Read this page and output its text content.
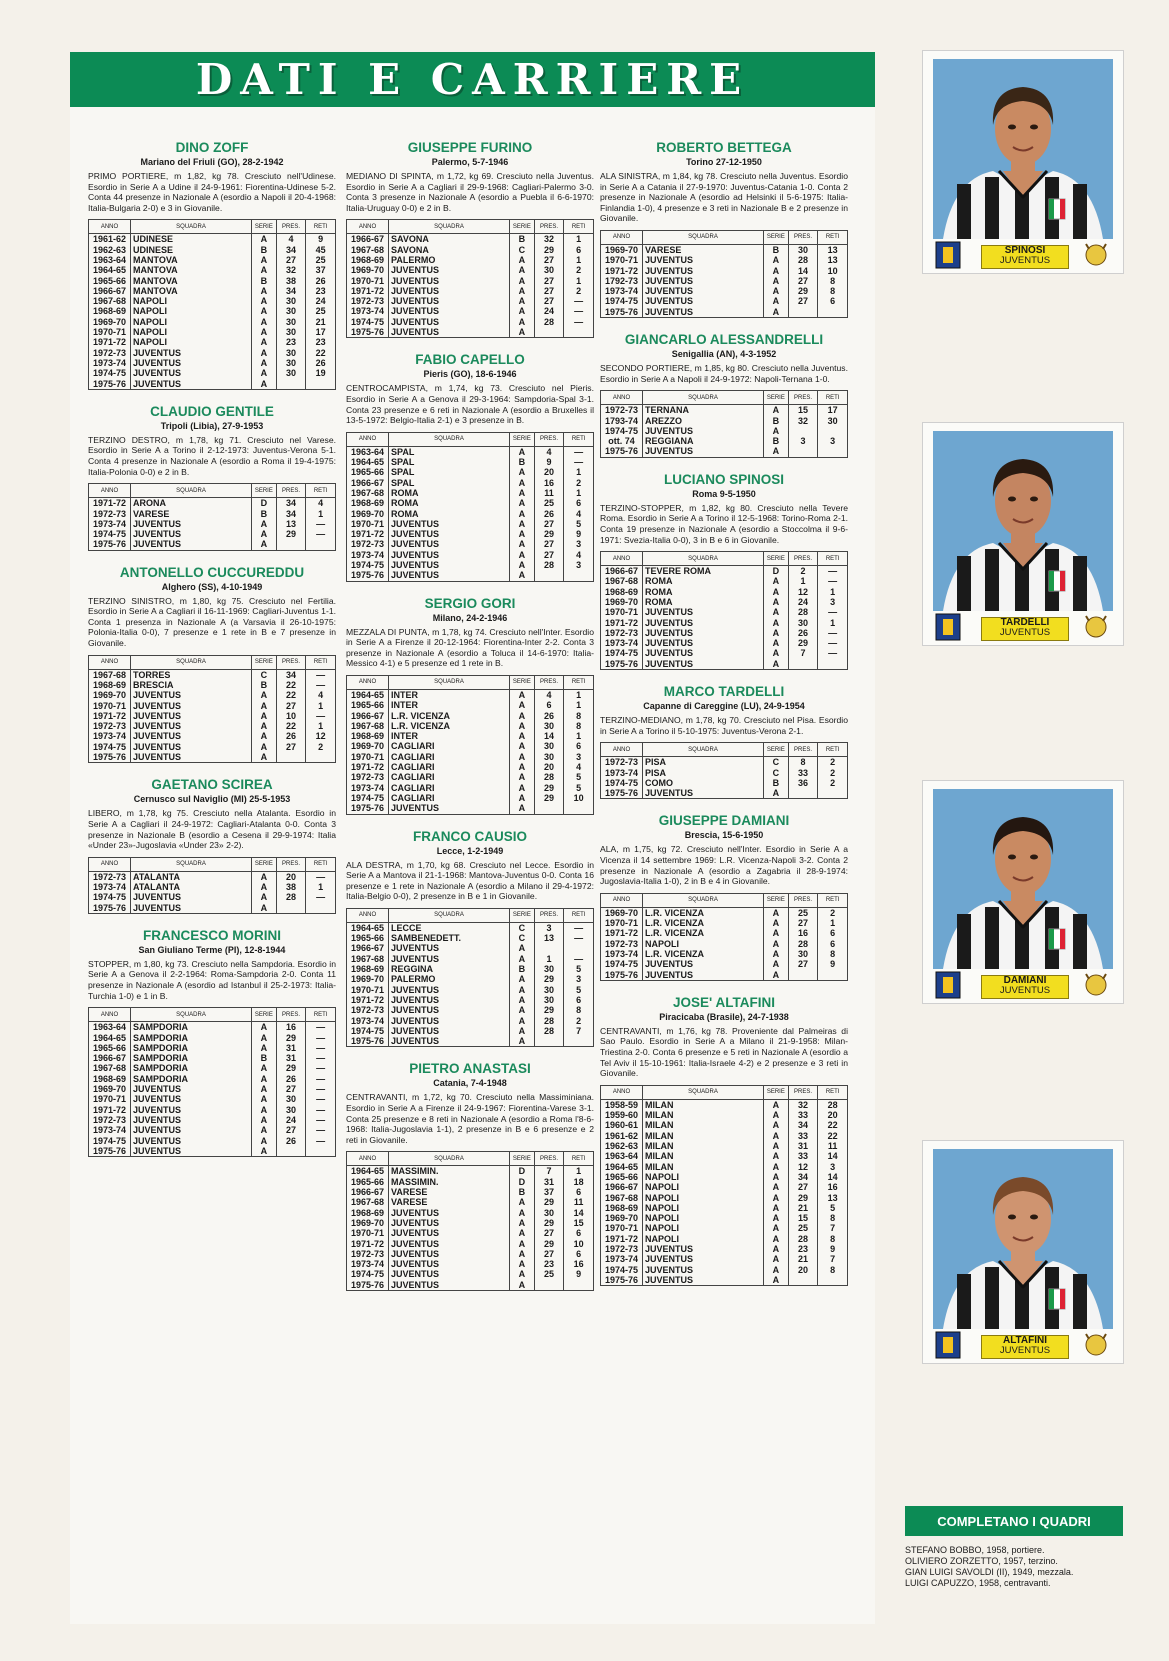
DATI E CARRIERE
DINO ZOFF
Mariano del Friuli (GO), 28-2-1942
PRIMO PORTIERE, m 1,82, kg 78. Cresciuto nell'Udinese. Esordio in Serie A a Udine il 24-9-1961: Fiorentina-Udinese 5-2. Conta 44 presenze in Nazionale A (esordio a Napoli il 20-4-1968: Italia-Bulgaria 2-0) e 3 in Giovanile.
ANNO	SQUADRA	SERIE	PRES.	RETI
1961-62	UDINESE	A	4	9
1962-63	UDINESE	B	34	45
1963-64	MANTOVA	A	27	25
1964-65	MANTOVA	A	32	37
1965-66	MANTOVA	B	38	26
1966-67	MANTOVA	A	34	23
1967-68	NAPOLI	A	30	24
1968-69	NAPOLI	A	30	25
1969-70	NAPOLI	A	30	21
1970-71	NAPOLI	A	30	17
1971-72	NAPOLI	A	23	23
1972-73	JUVENTUS	A	30	22
1973-74	JUVENTUS	A	30	26
1974-75	JUVENTUS	A	30	19
1975-76	JUVENTUS	A		
CLAUDIO GENTILE
Tripoli (Libia), 27-9-1953
TERZINO DESTRO, m 1,78, kg 71. Cresciuto nel Varese. Esordio in Serie A a Torino il 2-12-1973: Juventus-Verona 5-1. Conta 4 presenze in Nazionale A (esordio a Roma il 19-4-1975: Italia-Polonia 0-0) e 2 in B.
ANNO	SQUADRA	SERIE	PRES.	RETI
1971-72	ARONA	D	34	4
1972-73	VARESE	B	34	1
1973-74	JUVENTUS	A	13	—
1974-75	JUVENTUS	A	29	—
1975-76	JUVENTUS	A		
ANTONELLO CUCCUREDDU
Alghero (SS), 4-10-1949
TERZINO SINISTRO, m 1,80, kg 75. Cresciuto nel Fertilia. Esordio in Serie A a Cagliari il 16-11-1969: Cagliari-Juventus 1-1. Conta 1 presenza in Nazionale A (a Varsavia il 26-10-1975: Polonia-Italia 0-0), 7 presenze e 1 rete in B e 7 presenze in Giovanile.
ANNO	SQUADRA	SERIE	PRES.	RETI
1967-68	TORRES	C	34	—
1968-69	BRESCIA	B	22	—
1969-70	JUVENTUS	A	22	4
1970-71	JUVENTUS	A	27	1
1971-72	JUVENTUS	A	10	—
1972-73	JUVENTUS	A	22	1
1973-74	JUVENTUS	A	26	12
1974-75	JUVENTUS	A	27	2
1975-76	JUVENTUS	A		
GAETANO SCIREA
Cernusco sul Naviglio (MI) 25-5-1953
LIBERO, m 1,78, kg 75. Cresciuto nella Atalanta. Esordio in Serie A a Cagliari il 24-9-1972: Cagliari-Atalanta 0-0. Conta 3 presenze in Nazionale B (esordio a Cesena il 29-9-1974: Italia «Under 23»-Jugoslavia «Under 23» 2-2).
ANNO	SQUADRA	SERIE	PRES.	RETI
1972-73	ATALANTA	A	20	—
1973-74	ATALANTA	A	38	1
1974-75	JUVENTUS	A	28	—
1975-76	JUVENTUS	A		
FRANCESCO MORINI
San Giuliano Terme (PI), 12-8-1944
STOPPER, m 1,80, kg 73. Cresciuto nella Sampdoria. Esordio in Serie A a Genova il 2-2-1964: Roma-Sampdoria 2-0. Conta 11 presenze in Nazionale A (esordio ad Istanbul il 25-2-1973: Italia-Turchia 1-0) e 1 in B.
ANNO	SQUADRA	SERIE	PRES.	RETI
1963-64	SAMPDORIA	A	16	—
1964-65	SAMPDORIA	A	29	—
1965-66	SAMPDORIA	A	31	—
1966-67	SAMPDORIA	B	31	—
1967-68	SAMPDORIA	A	29	—
1968-69	SAMPDORIA	A	26	—
1969-70	JUVENTUS	A	27	—
1970-71	JUVENTUS	A	30	—
1971-72	JUVENTUS	A	30	—
1972-73	JUVENTUS	A	24	—
1973-74	JUVENTUS	A	27	—
1974-75	JUVENTUS	A	26	—
1975-76	JUVENTUS	A		
GIUSEPPE FURINO
Palermo, 5-7-1946
MEDIANO DI SPINTA, m 1,72, kg 69. Cresciuto nella Juventus. Esordio in Serie A a Cagliari il 29-9-1968: Cagliari-Palermo 3-0. Conta 3 presenze in Nazionale A (esordio a Puebla il 6-6-1970: Italia-Uruguay 0-0) e 2 in B.
ANNO	SQUADRA	SERIE	PRES.	RETI
1966-67	SAVONA	B	32	1
1967-68	SAVONA	C	29	6
1968-69	PALERMO	A	27	1
1969-70	JUVENTUS	A	30	2
1970-71	JUVENTUS	A	27	1
1971-72	JUVENTUS	A	27	2
1972-73	JUVENTUS	A	27	—
1973-74	JUVENTUS	A	24	—
1974-75	JUVENTUS	A	28	—
1975-76	JUVENTUS	A		
FABIO CAPELLO
Pieris (GO), 18-6-1946
CENTROCAMPISTA, m 1,74, kg 73. Cresciuto nel Pieris. Esordio in Serie A a Genova il 29-3-1964: Sampdoria-Spal 3-1. Conta 23 presenze e 6 reti in Nazionale A (esordio a Bruxelles il 13-5-1972: Belgio-Italia 2-1) e 3 presenze in B.
ANNO	SQUADRA	SERIE	PRES.	RETI
1963-64	SPAL	A	4	—
1964-65	SPAL	B	9	—
1965-66	SPAL	A	20	1
1966-67	SPAL	A	16	2
1967-68	ROMA	A	11	1
1968-69	ROMA	A	25	6
1969-70	ROMA	A	26	4
1970-71	JUVENTUS	A	27	5
1971-72	JUVENTUS	A	29	9
1972-73	JUVENTUS	A	27	3
1973-74	JUVENTUS	A	27	4
1974-75	JUVENTUS	A	28	3
1975-76	JUVENTUS	A		
SERGIO GORI
Milano, 24-2-1946
MEZZALA DI PUNTA, m 1,78, kg 74. Cresciuto nell'Inter. Esordio in Serie A a Firenze il 20-12-1964: Fiorentina-Inter 2-2. Conta 3 presenze in Nazionale A (esordio a Toluca il 14-6-1970: Italia-Messico 4-1) e 5 presenze ed 1 rete in B.
ANNO	SQUADRA	SERIE	PRES.	RETI
1964-65	INTER	A	4	1
1965-66	INTER	A	6	1
1966-67	L.R. VICENZA	A	26	8
1967-68	L.R. VICENZA	A	30	8
1968-69	INTER	A	14	1
1969-70	CAGLIARI	A	30	6
1970-71	CAGLIARI	A	30	3
1971-72	CAGLIARI	A	20	4
1972-73	CAGLIARI	A	28	5
1973-74	CAGLIARI	A	29	5
1974-75	CAGLIARI	A	29	10
1975-76	JUVENTUS	A		
FRANCO CAUSIO
Lecce, 1-2-1949
ALA DESTRA, m 1,70, kg 68. Cresciuto nel Lecce. Esordio in Serie A a Mantova il 21-1-1968: Mantova-Juventus 0-0. Conta 16 presenze e 1 rete in Nazionale A (esordio a Milano il 29-4-1972: Italia-Belgio 0-0), 2 presenze in B e 1 in Giovanile.
ANNO	SQUADRA	SERIE	PRES.	RETI
1964-65	LECCE	C	3	—
1965-66	SAMBENEDETT.	C	13	—
1966-67	JUVENTUS	A		
1967-68	JUVENTUS	A	1	—
1968-69	REGGINA	B	30	5
1969-70	PALERMO	A	29	3
1970-71	JUVENTUS	A	30	5
1971-72	JUVENTUS	A	30	6
1972-73	JUVENTUS	A	29	8
1973-74	JUVENTUS	A	28	2
1974-75	JUVENTUS	A	28	7
1975-76	JUVENTUS	A		
PIETRO ANASTASI
Catania, 7-4-1948
CENTRAVANTI, m 1,72, kg 70. Cresciuto nella Massiminiana. Esordio in Serie A a Firenze il 24-9-1967: Fiorentina-Varese 3-1. Conta 25 presenze e 8 reti in Nazionale A (esordio a Roma l'8-6-1968: Italia-Jugoslavia 1-1), 2 presenze in B e 6 presenze e 2 reti in Giovanile.
ANNO	SQUADRA	SERIE	PRES.	RETI
1964-65	MASSIMIN.	D	7	1
1965-66	MASSIMIN.	D	31	18
1966-67	VARESE	B	37	6
1967-68	VARESE	A	29	11
1968-69	JUVENTUS	A	30	14
1969-70	JUVENTUS	A	29	15
1970-71	JUVENTUS	A	27	6
1971-72	JUVENTUS	A	29	10
1972-73	JUVENTUS	A	27	6
1973-74	JUVENTUS	A	23	16
1974-75	JUVENTUS	A	25	9
1975-76	JUVENTUS	A		
ROBERTO BETTEGA
Torino 27-12-1950
ALA SINISTRA, m 1,84, kg 78. Cresciuto nella Juventus. Esordio in Serie A a Catania il 27-9-1970: Juventus-Catania 1-0. Conta 2 presenze in Nazionale A (esordio ad Helsinki il 5-6-1975: Italia-Finlandia 1-0), 4 presenze e 3 reti in Nazionale B e 2 presenze in Giovanile.
ANNO	SQUADRA	SERIE	PRES.	RETI
1969-70	VARESE	B	30	13
1970-71	JUVENTUS	A	28	13
1971-72	JUVENTUS	A	14	10
1792-73	JUVENTUS	A	27	8
1973-74	JUVENTUS	A	29	8
1974-75	JUVENTUS	A	27	6
1975-76	JUVENTUS	A		
GIANCARLO ALESSANDRELLI
Senigallia (AN), 4-3-1952
SECONDO PORTIERE, m 1,85, kg 80. Cresciuto nella Juventus. Esordio in Serie A a Napoli il 24-9-1972: Napoli-Ternana 1-0.
ANNO	SQUADRA	SERIE	PRES.	RETI
1972-73	TERNANA	A	15	17
1793-74	AREZZO	B	32	30
1974-75	JUVENTUS	A		
ott. 74	REGGIANA	B	3	3
1975-76	JUVENTUS	A		
LUCIANO SPINOSI
Roma 9-5-1950
TERZINO-STOPPER, m 1,82, kg 80. Cresciuto nella Tevere Roma. Esordio in Serie A a Torino il 12-5-1968: Torino-Roma 2-1. Conta 19 presenze in Nazionale A (esordio a Stoccolma il 9-6-1971: Svezia-Italia 0-0), 3 in B e 6 in Giovanile.
ANNO	SQUADRA	SERIE	PRES.	RETI
1966-67	TEVERE ROMA	D	2	—
1967-68	ROMA	A	1	—
1968-69	ROMA	A	12	1
1969-70	ROMA	A	24	3
1970-71	JUVENTUS	A	28	—
1971-72	JUVENTUS	A	30	1
1972-73	JUVENTUS	A	26	—
1973-74	JUVENTUS	A	29	—
1974-75	JUVENTUS	A	7	—
1975-76	JUVENTUS	A		
MARCO TARDELLI
Capanne di Careggine (LU), 24-9-1954
TERZINO-MEDIANO, m 1,78, kg 70. Cresciuto nel Pisa. Esordio in Serie A a Torino il 5-10-1975: Juventus-Verona 2-1.
ANNO	SQUADRA	SERIE	PRES.	RETI
1972-73	PISA	C	8	2
1973-74	PISA	C	33	2
1974-75	COMO	B	36	2
1975-76	JUVENTUS	A		
GIUSEPPE DAMIANI
Brescia, 15-6-1950
ALA, m 1,75, kg 72. Cresciuto nell'Inter. Esordio in Serie A a Vicenza il 14 settembre 1969: L.R. Vicenza-Napoli 3-2. Conta 2 presenze in Nazionale A (esordio a Zagabria il 28-9-1974: Jugoslavia-Italia 1-0), 2 in B e 4 in Giovanile.
ANNO	SQUADRA	SERIE	PRES.	RETI
1969-70	L.R. VICENZA	A	25	2
1970-71	L.R. VICENZA	A	27	1
1971-72	L.R. VICENZA	A	16	6
1972-73	NAPOLI	A	28	6
1973-74	L.R. VICENZA	A	30	8
1974-75	JUVENTUS	A	27	9
1975-76	JUVENTUS	A		
JOSE' ALTAFINI
Piracicaba (Brasile), 24-7-1938
CENTRAVANTI, m 1,76, kg 78. Proveniente dal Palmeiras di Sao Paulo. Esordio in Serie A a Milano il 21-9-1958: Milan-Triestina 2-0. Conta 6 presenze e 5 reti in Nazionale A (esordio a Tel Aviv il 15-10-1961: Italia-Israele 4-2) e 2 presenze e 3 reti in Giovanile.
ANNO	SQUADRA	SERIE	PRES.	RETI
1958-59	MILAN	A	32	28
1959-60	MILAN	A	33	20
1960-61	MILAN	A	34	22
1961-62	MILAN	A	33	22
1962-63	MILAN	A	31	11
1963-64	MILAN	A	33	14
1964-65	MILAN	A	12	3
1965-66	NAPOLI	A	34	14
1966-67	NAPOLI	A	27	16
1967-68	NAPOLI	A	29	13
1968-69	NAPOLI	A	21	5
1969-70	NAPOLI	A	15	8
1970-71	NAPOLI	A	25	7
1971-72	NAPOLI	A	28	8
1972-73	JUVENTUS	A	23	9
1973-74	JUVENTUS	A	21	7
1974-75	JUVENTUS	A	20	8
1975-76	JUVENTUS	A		
SPINOSI
JUVENTUS
TARDELLI
JUVENTUS
DAMIANI
JUVENTUS
ALTAFINI
JUVENTUS
COMPLETANO I QUADRI
STEFANO BOBBO, 1958, portiere.
OLIVIERO ZORZETTO, 1957, terzino.
GIAN LUIGI SAVOLDI (II), 1949, mezzala.
LUIGI CAPUZZO, 1958, centravanti.
